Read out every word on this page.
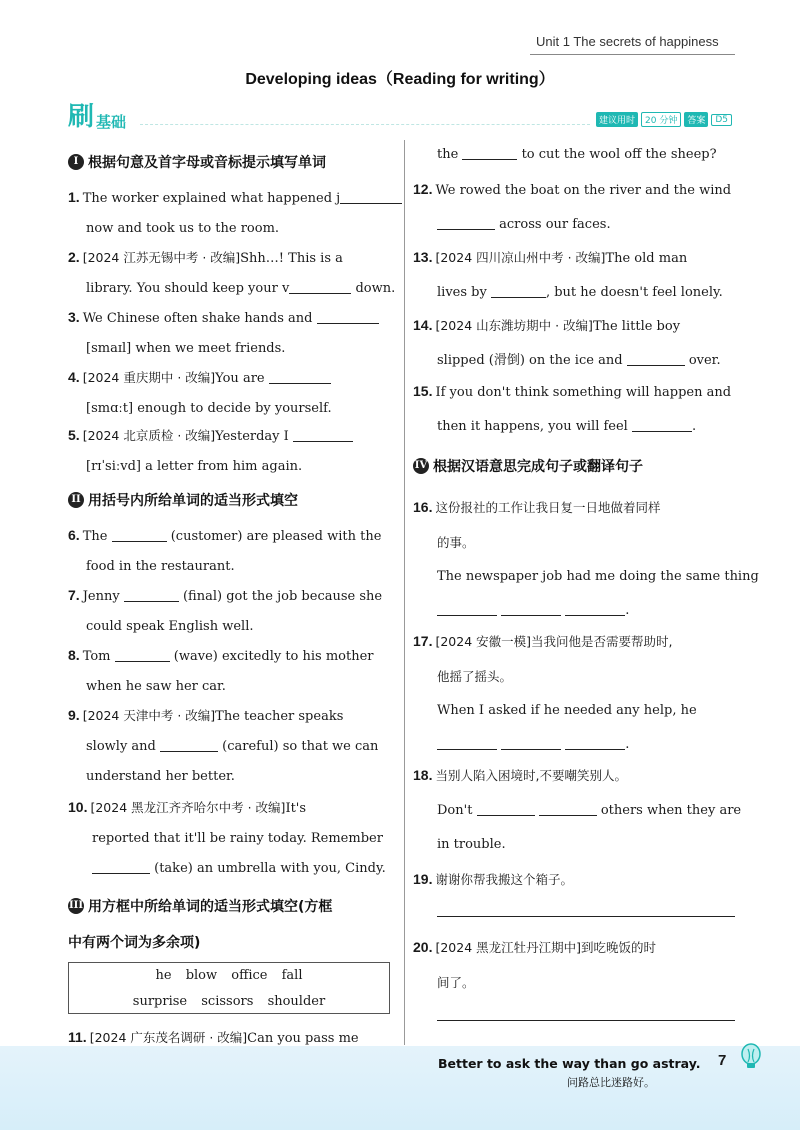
Unit 1 The secrets of happiness
Developing ideas（Reading for writing）
刷 基础	建议用时	20 分钟	答案	D5
I 根据句意及首字母或音标提示填写单词
1. The worker explained what happened j
now and took us to the room.
2. [2024 江苏无锡中考 · 改编]Shh…! This is a
library. You should keep your v	down.
3. We Chinese often shake hands and
[smaɪl] when we meet friends.
4. [2024 重庆期中 · 改编]You are
[smɑːt] enough to decide by yourself.
5. [2024 北京质检 · 改编]Yesterday I
[rɪˈsiːvd] a letter from him again.
II 用括号内所给单词的适当形式填空
6. The	(customer) are pleased with the
food in the restaurant.
7. Jenny	(final) got the job because she
could speak English well.
8. Tom	(wave) excitedly to his mother
when he saw her car.
9. [2024 天津中考 · 改编]The teacher speaks
slowly and	(careful) so that we can
understand her better.
10. [2024 黑龙江齐齐哈尔中考 · 改编]It's
reported that it'll be rainy today. Remember
(take) an umbrella with you, Cindy.
III 用方框中所给单词的适当形式填空(方框
中有两个词为多余项)
he blow office fall
surprise scissors shoulder
11. [2024 广东茂名调研 · 改编]Can you pass me
the	to cut the wool off the sheep?
12. We rowed the boat on the river and the wind
across our faces.
13. [2024 四川凉山州中考 · 改编]The old man
lives by	, but he doesn't feel lonely.
14. [2024 山东潍坊期中 · 改编]The little boy
slipped (滑倒) on the ice and	over.
15. If you don't think something will happen and
then it happens, you will feel	.
IV 根据汉语意思完成句子或翻译句子
16. 这份报社的工作让我日复一日地做着同样
的事。
The newspaper job had me doing the same thing
.
17. [2024 安徽一模]当我问他是否需要帮助时,
他摇了摇头。
When I asked if he needed any help, he
.
18. 当别人陷入困境时,不要嘲笑别人。
Don't	others when they are
in trouble.
19. 谢谢你帮我搬这个箱子。
20. [2024 黑龙江牡丹江期中]到吃晚饭的时
间了。
Better to ask the way than go astray.
问路总比迷路好。
7
